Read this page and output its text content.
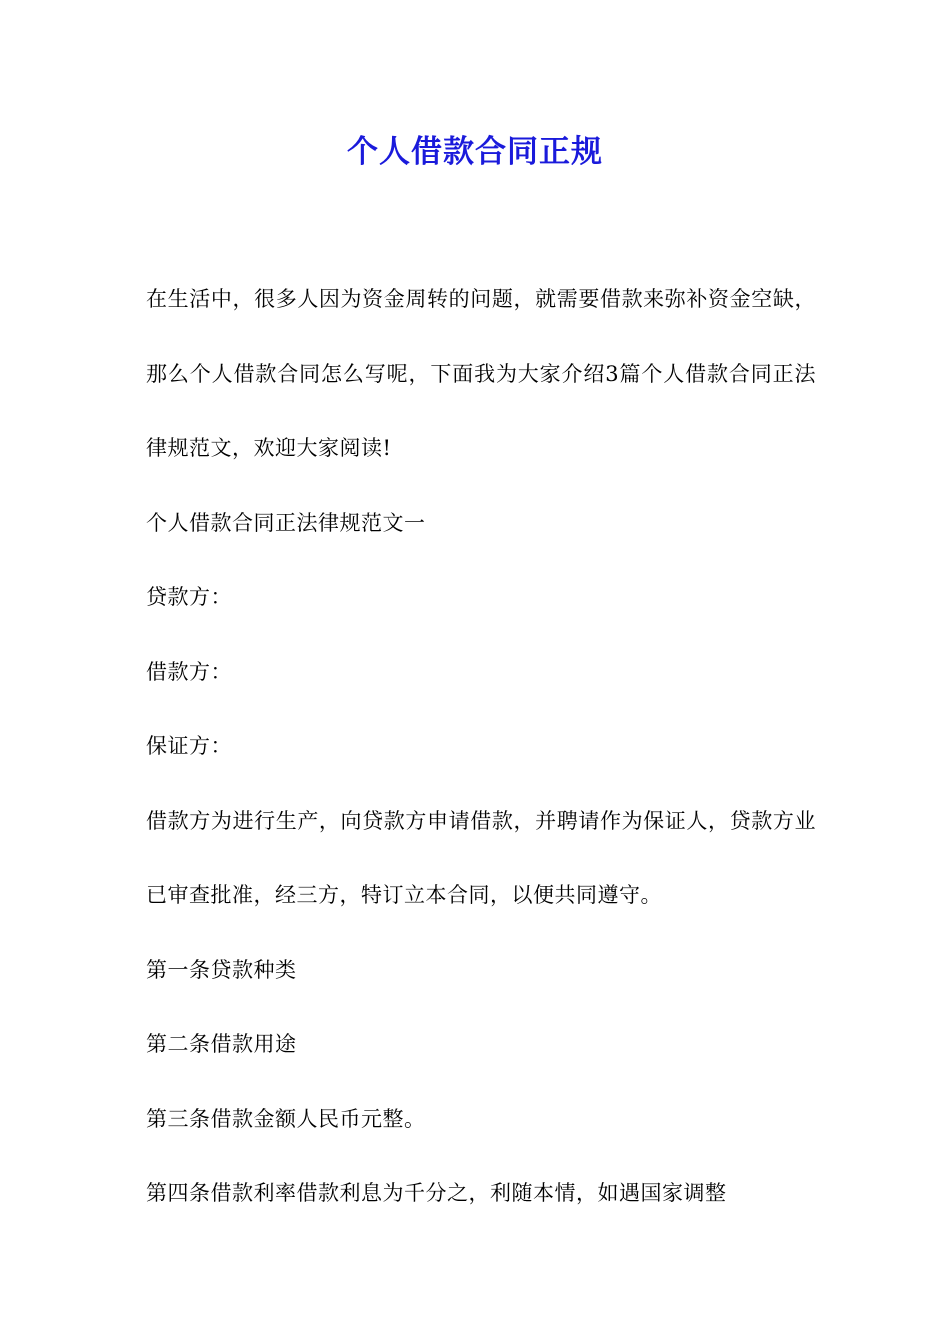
个人借款合同正规

在生活中，很多人因为资金周转的问题，就需要借款来弥补资金空缺，那么个人借款合同怎么写呢，下面我为大家介绍3篇个人借款合同正法律规范文，欢迎大家阅读!

个人借款合同正法律规范文一

贷款方：

借款方：

保证方：

借款方为进行生产，向贷款方申请借款，并聘请作为保证人，贷款方业已审查批准，经三方，特订立本合同，以便共同遵守。

第一条贷款种类

第二条借款用途

第三条借款金额人民币元整。

第四条借款利率借款利息为千分之，利随本情，如遇国家调整
